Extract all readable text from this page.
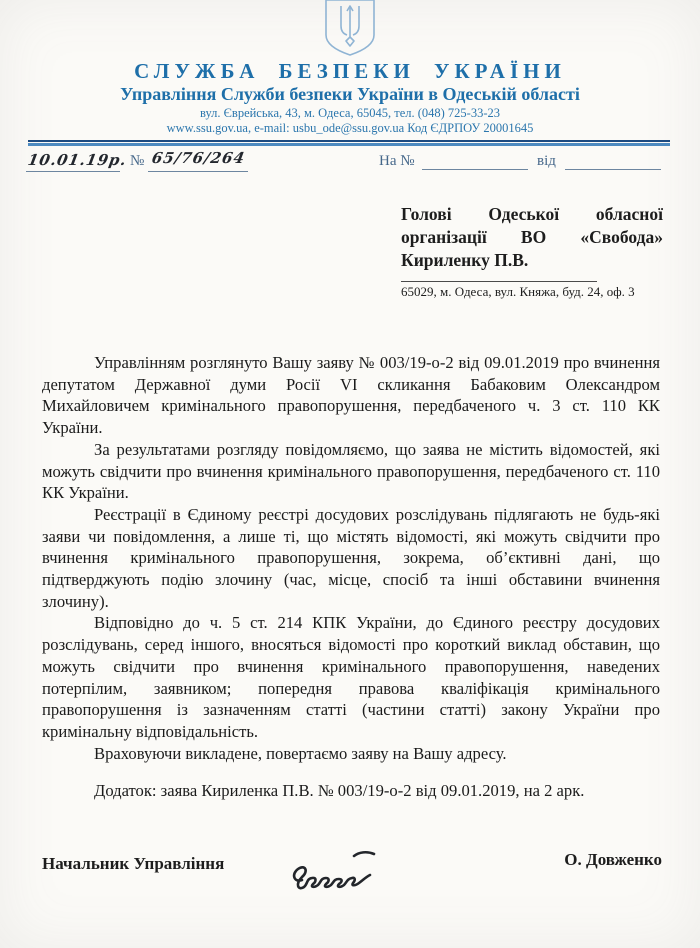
СЛУЖБА БЕЗПЕКИ УКРАЇНИ
Управління Служби безпеки України в Одеській області
вул. Єврейська, 43, м. Одеса, 65045, тел. (048) 725-33-23
www.ssu.gov.ua, e-mail: usbu_ode@ssu.gov.ua Код ЄДРПОУ 20001645
10.01.19р. № 65/76/264	На №	від
Голові Одеської обласної
організації ВО «Свобода»
Кириленку П.В.
65029, м. Одеса, вул. Княжа, буд. 24, оф. 3

Управлінням розглянуто Вашу заяву № 003/19-о-2 від 09.01.2019 про вчинення депутатом Державної думи Росії VI скликання Бабаковим Олександром Михайловичем кримінального правопорушення, передбаченого ч. 3 ст. 110 КК України.

За результатами розгляду повідомляємо, що заява не містить відомостей, які можуть свідчити про вчинення кримінального правопорушення, передбаченого ст. 110 КК України.

Реєстрації в Єдиному реєстрі досудових розслідувань підлягають не будь-які заяви чи повідомлення, а лише ті, що містять відомості, які можуть свідчити про вчинення кримінального правопорушення, зокрема, об’єктивні дані, що підтверджують подію злочину (час, місце, спосіб та інші обставини вчинення злочину).

Відповідно до ч. 5 ст. 214 КПК України, до Єдиного реєстру досудових розслідувань, серед іншого, вносяться відомості про короткий виклад обставин, що можуть свідчити про вчинення кримінального правопорушення, наведених потерпілим, заявником; попередня правова кваліфікація кримінального правопорушення із зазначенням статті (частини статті) закону України про кримінальну відповідальність.

Враховуючи викладене, повертаємо заяву на Вашу адресу.

Додаток: заява Кириленка П.В. № 003/19-о-2 від 09.01.2019, на 2 арк.
Начальник Управління	О. Довженко
